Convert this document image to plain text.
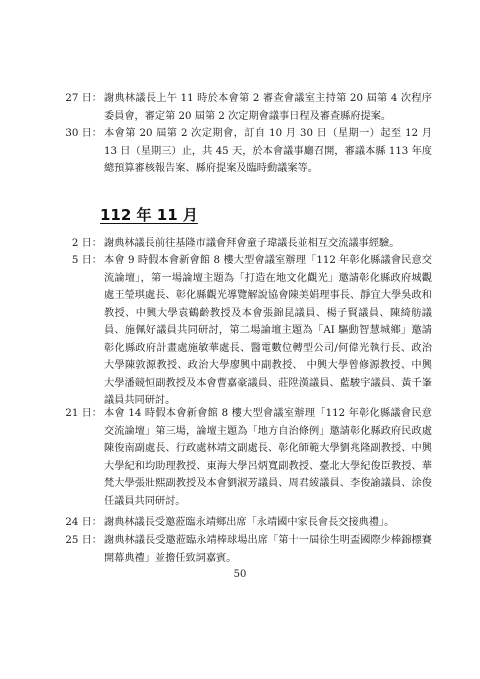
27 日： 謝典林議長上午 11 時於本會第 2 審查會議室主持第 20 屆第 4 次程序委員會，審定第 20 屆第 2 次定期會議事日程及審查縣府提案。
30 日： 本會第 20 屆第 2 次定期會，訂自 10 月 30 日（星期一）起至 12 月 13 日（星期三）止，共 45 天，於本會議事廳召開，審議本縣 113 年度總預算審核報告案、縣府提案及臨時動議案等。
112 年 11 月
2 日： 謝典林議長前往基隆市議會拜會童子瑋議長並相互交流議事經驗。
5 日： 本會 9 時假本會新會館 8 樓大型會議室辦理「112 年彰化縣議會民意交流論壇」，第一場論壇主題為「打造在地文化觀光」邀請彰化縣政府城觀處王瑩琪處長、彰化縣觀光導覽解說協會陳美娟理事長、靜宜大學吳政和教授、中興大學袁鶴齡教授及本會張錦昆議員、楊子賢議員、陳綺舫議員、施佩好議員共同研討，第二場論壇主題為「AI 驅動智慧城鄉」邀請彰化縣政府計畫處施敏華處長、醫電數位轉型公司/何偉光執行長、政治大學陳敦源教授、政治大學廖興中副教授、 中興大學曾修源教授、中興大學潘競恒副教授及本會曹嘉豪議員、莊陞漢議員、藍駿宇議員、黃千峯議員共同研討。
21 日： 本會 14 時假本會新會館 8 樓大型會議室辦理「112 年彰化縣議會民意交流論壇」第三場，論壇主題為「地方自治條例」邀請彰化縣政府民政處陳俊南副處長、行政處林靖文副處長、彰化師範大學劉兆隆副教授、中興大學紀和均助理教授、東海大學呂炳寬副教授、臺北大學紀俊臣教授、華梵大學張壯熙副教授及本會劉淑芳議員、周君綾議員、李俊諭議員、涂俊任議員共同研討。
24 日： 謝典林議長受邀蒞臨永靖鄉出席「永靖國中家長會長交接典禮」。
25 日： 謝典林議長受邀蒞臨永靖棒球場出席「第十一屆徐生明盃國際少棒錦標賽開幕典禮」並擔任致詞嘉賓。
50
